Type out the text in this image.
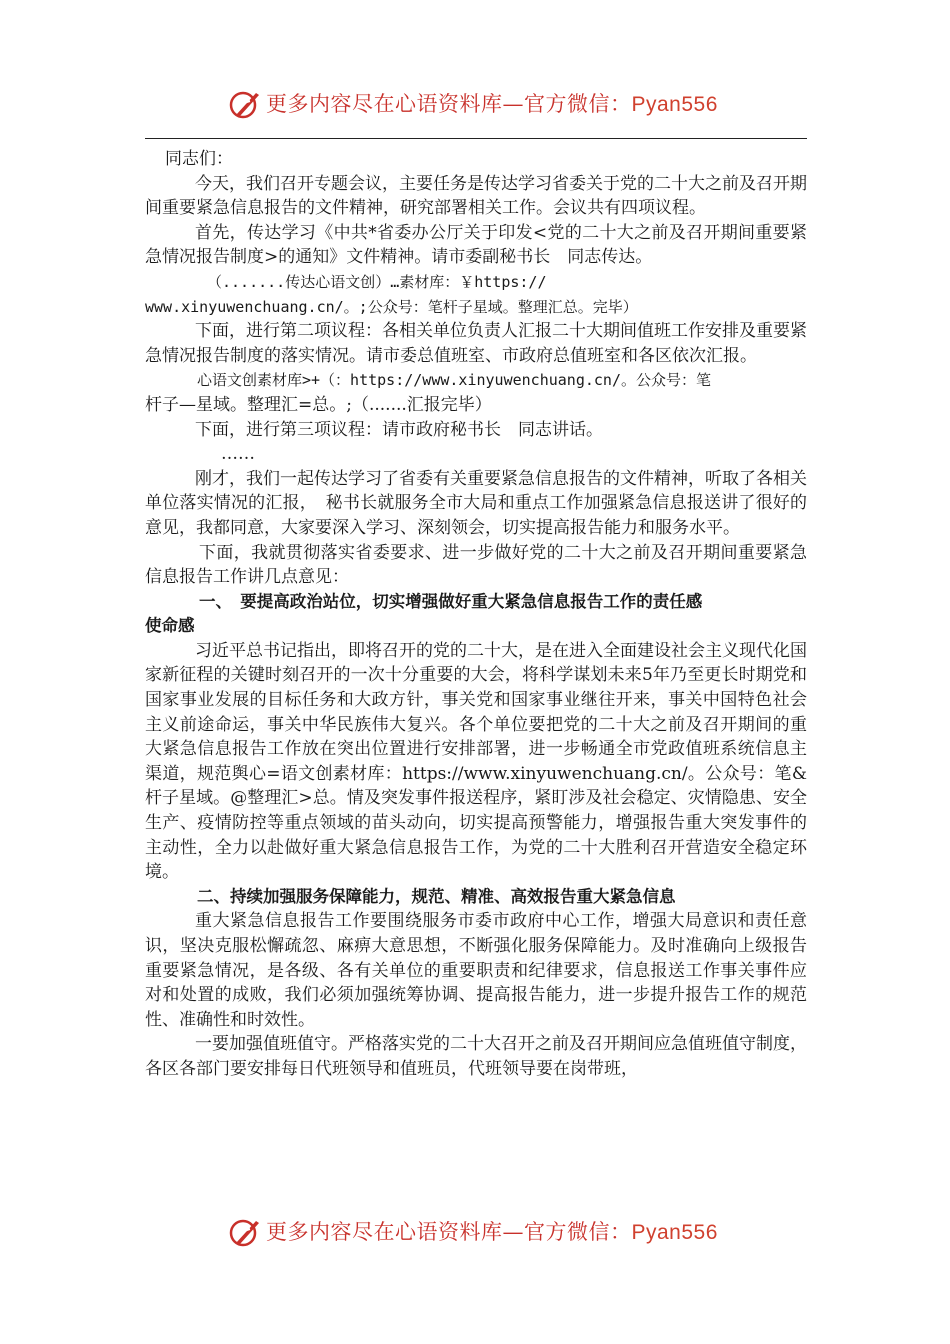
更多内容尽在心语资料库—官方微信：Pyan556

同志们：

今天，我们召开专题会议，主要任务是传达学习省委关于党的二十大之前及召开期间重要紧急信息报告的文件精神，研究部署相关工作。会议共有四项议程。

首先，传达学习《中共*省委办公厅关于印发<党的二十大之前及召开期间重要紧急情况报告制度>的通知》文件精神。请市委副秘书长　同志传达。

（.......传达心语文创）…素材库：￥https://

www.xinyuwenchuang.cn/。;公众号：笔杆子星域。整理汇总。完毕）

下面，进行第二项议程：各相关单位负责人汇报二十大期间值班工作安排及重要紧急情况报告制度的落实情况。请市委总值班室、市政府总值班室和各区依次汇报。

心语文创素材库>+（：https://www.xinyuwenchuang.cn/。公众号：笔

杆子—星域。整理汇=总。;（.......汇报完毕）

下面，进行第三项议程：请市政府秘书长　同志讲话。

……

刚才，我们一起传达学习了省委有关重要紧急信息报告的文件精神，听取了各相关单位落实情况的汇报，　秘书长就服务全市大局和重点工作加强紧急信息报送讲了很好的意见，我都同意，大家要深入学习、深刻领会，切实提高报告能力和服务水平。

下面，我就贯彻落实省委要求、进一步做好党的二十大之前及召开期间重要紧急信息报告工作讲几点意见：

一、　要提高政治站位，切实增强做好重大紧急信息报告工作的责任感

使命感

习近平总书记指出，即将召开的党的二十大，是在进入全面建设社会主义现代化国家新征程的关键时刻召开的一次十分重要的大会，将科学谋划未来5年乃至更长时期党和国家事业发展的目标任务和大政方针，事关党和国家事业继往开来，事关中国特色社会主义前途命运，事关中华民族伟大复兴。各个单位要把党的二十大之前及召开期间的重大紧急信息报告工作放在突出位置进行安排部署，进一步畅通全市党政值班系统信息主渠道，规范舆心=语文创素材库：https://www.xinyuwenchuang.cn/。公众号：笔&杆子星域。@整理汇>总。情及突发事件报送程序，紧盯涉及社会稳定、灾情隐患、安全生产、疫情防控等重点领域的苗头动向，切实提高预警能力，增强报告重大突发事件的主动性，全力以赴做好重大紧急信息报告工作，为党的二十大胜利召开营造安全稳定环境。

二、持续加强服务保障能力，规范、精准、高效报告重大紧急信息

重大紧急信息报告工作要围绕服务市委市政府中心工作，增强大局意识和责任意识，坚决克服松懈疏忽、麻痹大意思想，不断强化服务保障能力。及时准确向上级报告重要紧急情况，是各级、各有关单位的重要职责和纪律要求，信息报送工作事关事件应对和处置的成败，我们必须加强统筹协调、提高报告能力，进一步提升报告工作的规范性、准确性和时效性。

一要加强值班值守。严格落实党的二十大召开之前及召开期间应急值班值守制度，各区各部门要安排每日代班领导和值班员，代班领导要在岗带班，

更多内容尽在心语资料库—官方微信：Pyan556
